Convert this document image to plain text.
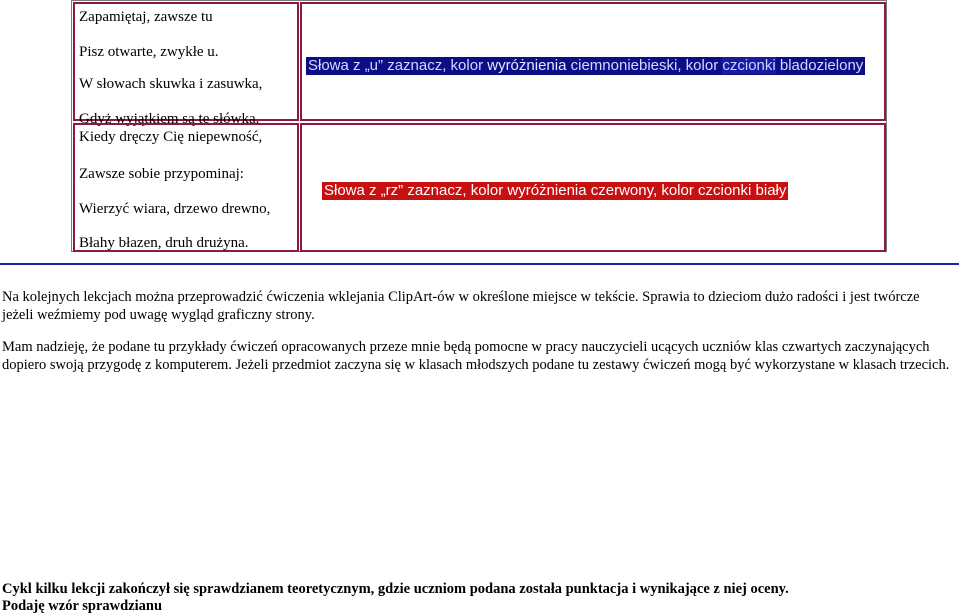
Zapamiętaj, zawsze tu

Pisz otwarte, zwykłe u.

W słowach skuwka i zasuwka,

Gdyż wyjątkiem są te słówka.

Kiedy dręczy Cię niepewność,

Zawsze sobie przypominaj:

Wierzyć wiara, drzewo drewno,

Błahy błazen, druh drużyna.

Słowa z „u” zaznacz, kolor wyróżnienia ciemnoniebieski, kolor czcionki bladozielony
Słowa z „rz” zaznacz, kolor wyróżnienia czerwony, kolor czcionki biały

Na kolejnych lekcjach można przeprowadzić ćwiczenia wklejania ClipArt-ów w określone miejsce w tekście. Sprawia to dzieciom dużo radości i jest twórcze jeżeli weźmiemy pod uwagę wygląd graficzny strony.

Mam nadzieję, że podane tu przykłady ćwiczeń opracowanych przeze mnie będą pomocne w pracy nauczycieli ucących uczniów klas czwartych zaczynających dopiero swoją przygodę z komputerem. Jeżeli przedmiot zaczyna się w klasach młodszych podane tu zestawy ćwiczeń mogą być wykorzystane w klasach trzecich.

Cykl kilku lekcji zakończył się sprawdzianem teoretycznym, gdzie uczniom podana została punktacja i wynikające z niej oceny.

Podaję wzór sprawdzianu
